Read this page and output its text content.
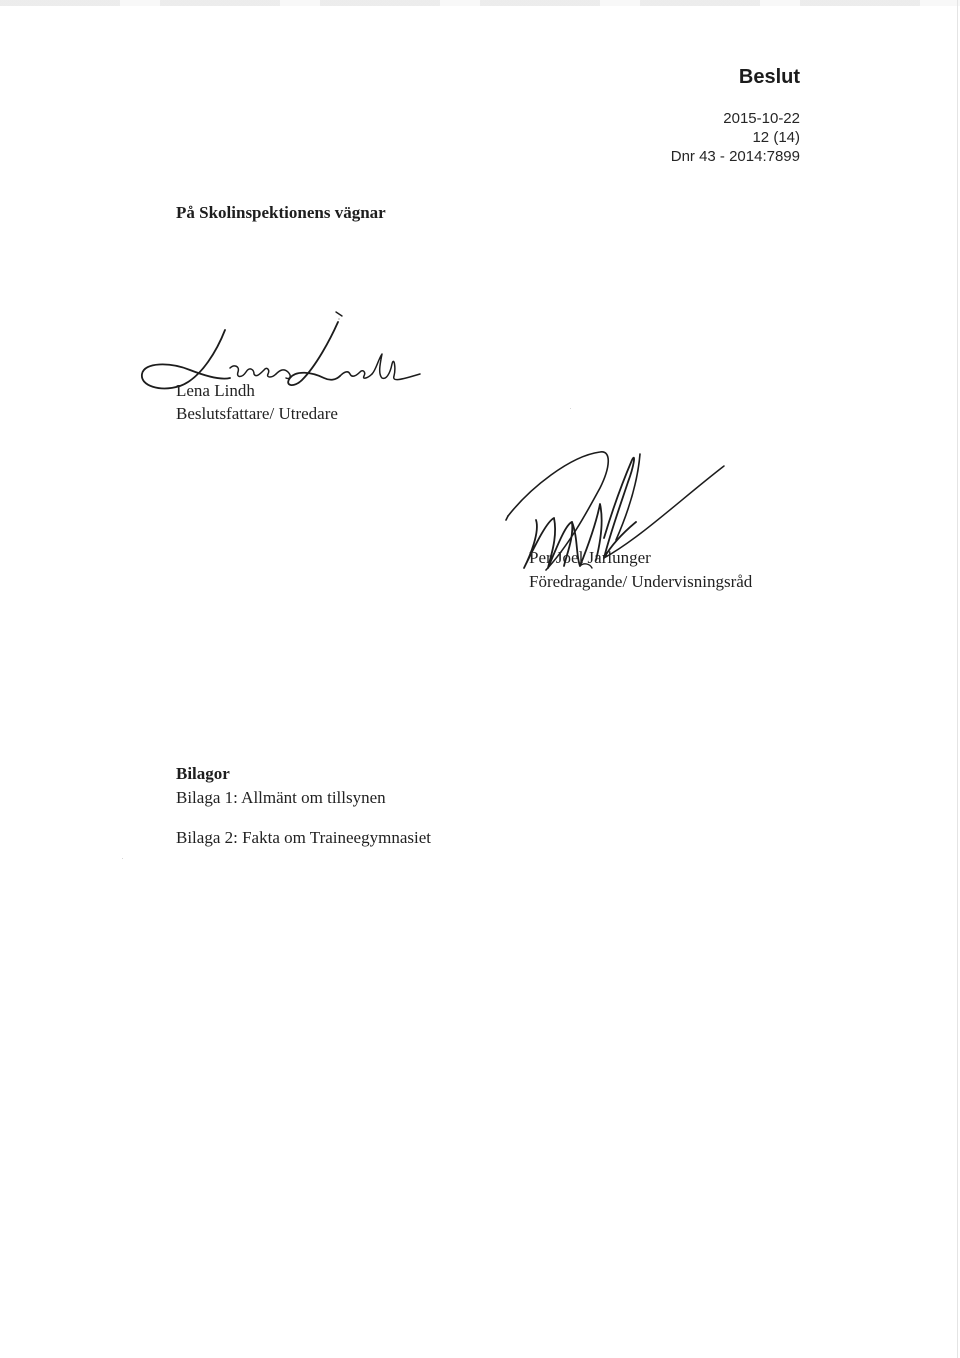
Beslut
2015-10-22
12 (14)
Dnr 43 - 2014:7899
På Skolinspektionens vägnar
Lena Lindh
Beslutsfattare/ Utredare
Per Joel Jarlunger
Föredragande/ Undervisningsråd
Bilagor
Bilaga 1: Allmänt om tillsynen
Bilaga 2: Fakta om Traineegymnasiet
